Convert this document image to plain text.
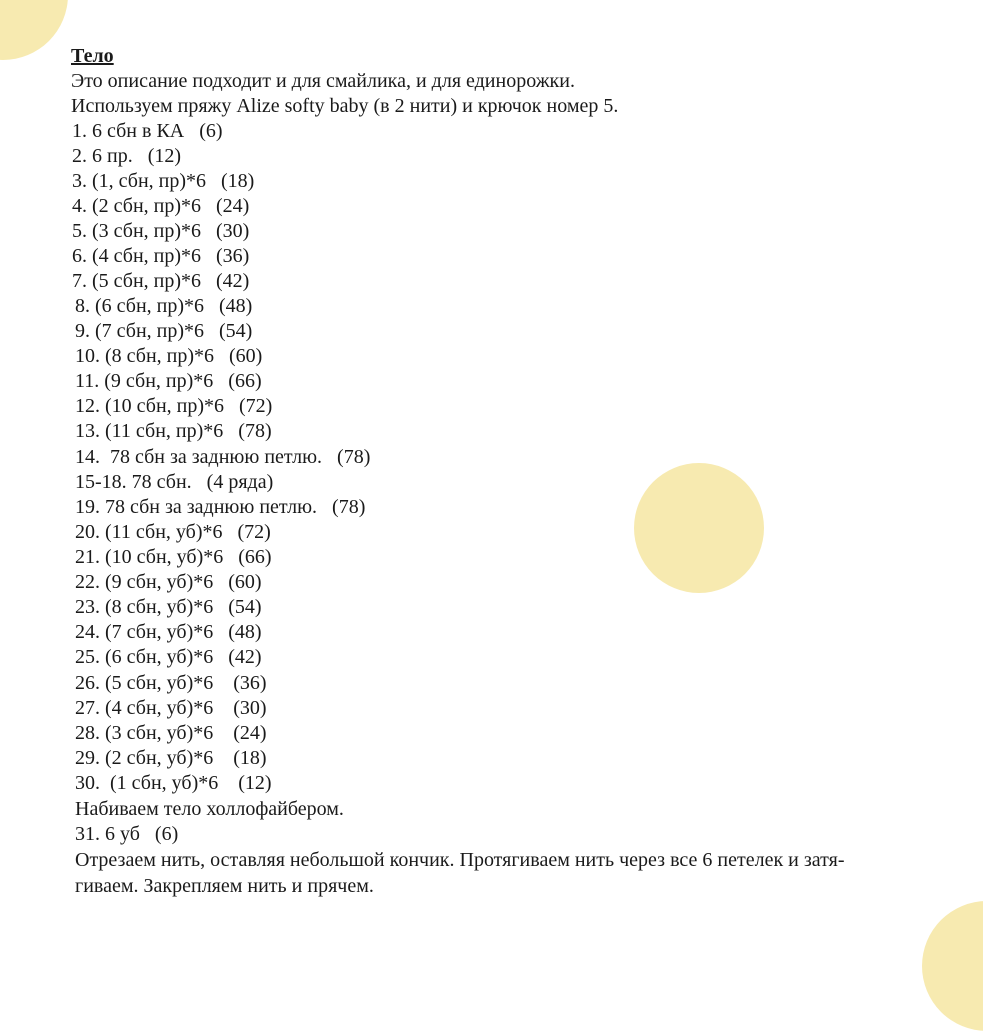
Тело
Это описание подходит и для смайлика, и для единорожки.
Используем пряжу Alize softy baby (в 2 нити) и крючок номер 5.
1. 6 сбн в КА   (6)
2. 6 пр.   (12)
3. (1, сбн, пр)*6   (18)
4. (2 сбн, пр)*6   (24)
5. (3 сбн, пр)*6   (30)
6. (4 сбн, пр)*6   (36)
7. (5 сбн, пр)*6   (42)
8. (6 сбн, пр)*6   (48)
9. (7 сбн, пр)*6   (54)
10. (8 сбн, пр)*6   (60)
11. (9 сбн, пр)*6   (66)
12. (10 сбн, пр)*6   (72)
13. (11 сбн, пр)*6   (78)
14.  78 сбн за заднюю петлю.   (78)
15-18. 78 сбн.   (4 ряда)
19. 78 сбн за заднюю петлю.   (78)
20. (11 сбн, уб)*6   (72)
21. (10 сбн, уб)*6   (66)
22. (9 сбн, уб)*6   (60)
23. (8 сбн, уб)*6   (54)
24. (7 сбн, уб)*6   (48)
25. (6 сбн, уб)*6   (42)
26. (5 сбн, уб)*6    (36)
27. (4 сбн, уб)*6    (30)
28. (3 сбн, уб)*6    (24)
29. (2 сбн, уб)*6    (18)
30.  (1 сбн, уб)*6    (12)
Набиваем тело холлофайбером.
31. 6 уб   (6)
Отрезаем нить, оставляя небольшой кончик. Протягиваем нить через все 6 петелек и затя-
гиваем. Закрепляем нить и прячем.
